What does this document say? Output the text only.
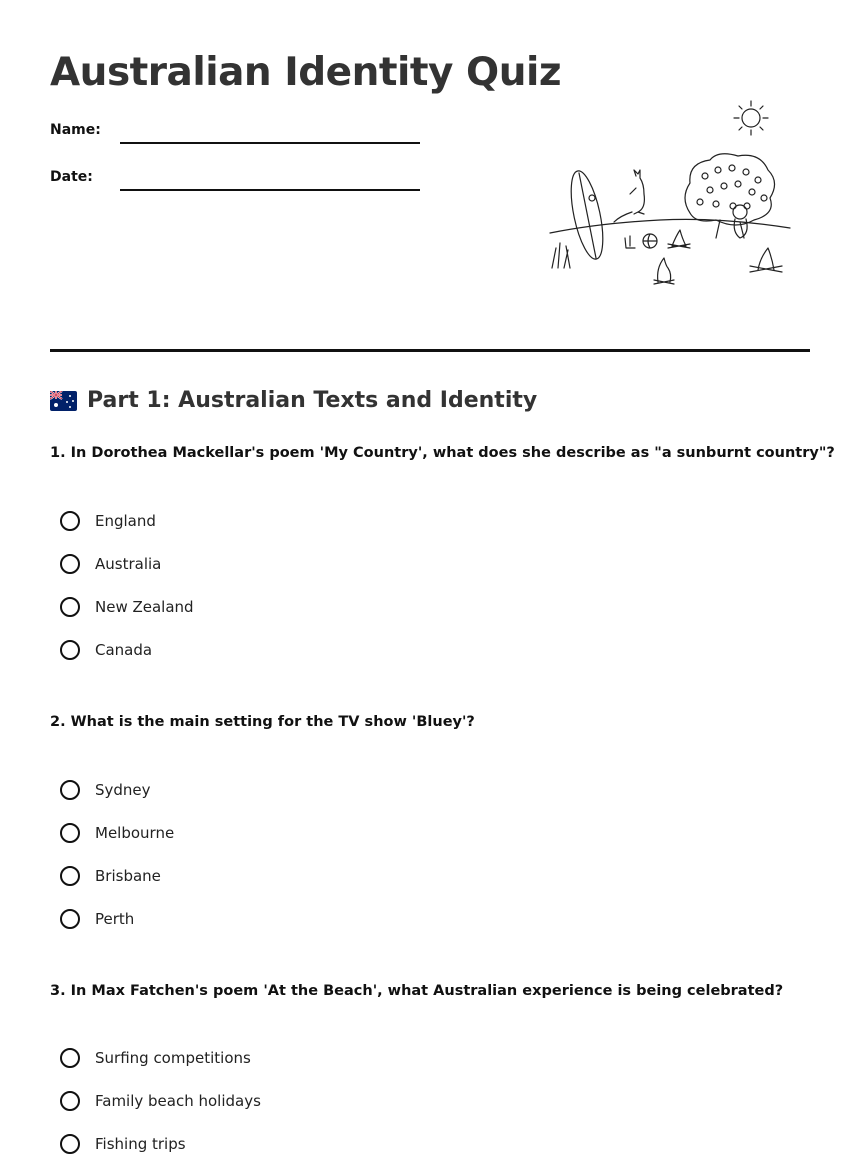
Australian Identity Quiz
Name:
Date:
Part 1: Australian Texts and Identity

1. In Dorothea Mackellar's poem 'My Country', what does she describe as "a sunburnt country"?

England
Australia
New Zealand
Canada

2. What is the main setting for the TV show 'Bluey'?

Sydney
Melbourne
Brisbane
Perth

3. In Max Fatchen's poem 'At the Beach', what Australian experience is being celebrated?

Surfing competitions
Family beach holidays
Fishing trips
